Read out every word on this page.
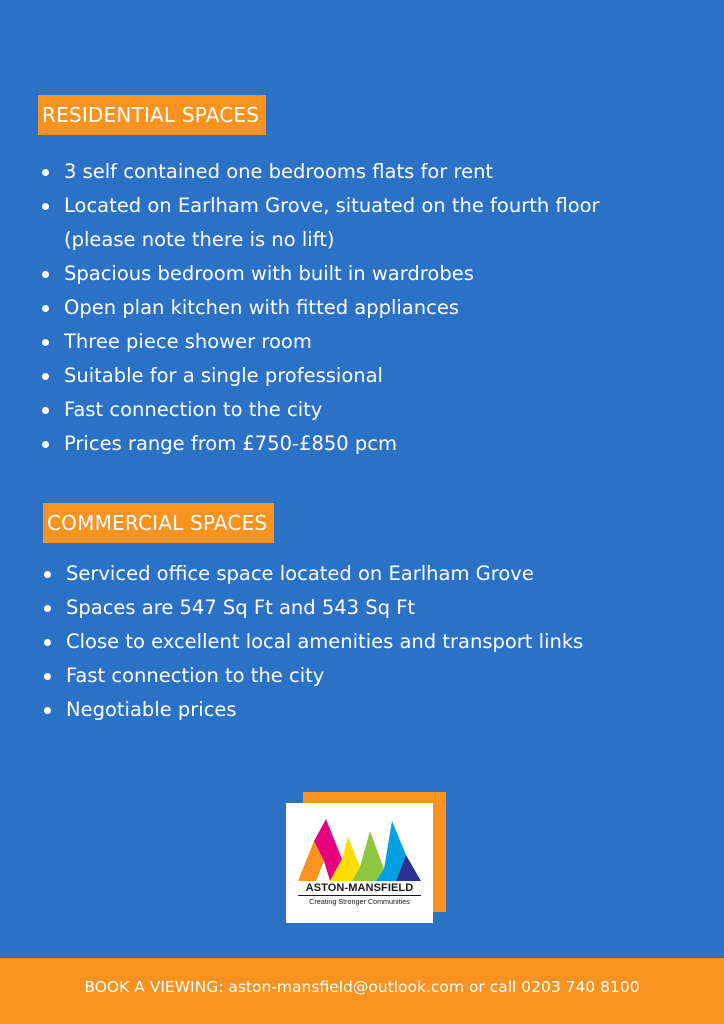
RESIDENTIAL SPACES
3 self contained one bedrooms flats for rent
Located on Earlham Grove, situated on the fourth floor
(please note there is no lift)
Spacious bedroom with built in wardrobes
Open plan kitchen with fitted appliances
Three piece shower room
Suitable for a single professional
Fast connection to the city
Prices range from £750-£850 pcm
COMMERCIAL SPACES
Serviced office space located on Earlham Grove
Spaces are 547 Sq Ft and 543 Sq Ft
Close to excellent local amenities and transport links
Fast connection to the city
Negotiable prices
ASTON-MANSFIELD
Creating Stronger Communities
BOOK A VIEWING: aston-mansfield@outlook.com or call 0203 740 8100
